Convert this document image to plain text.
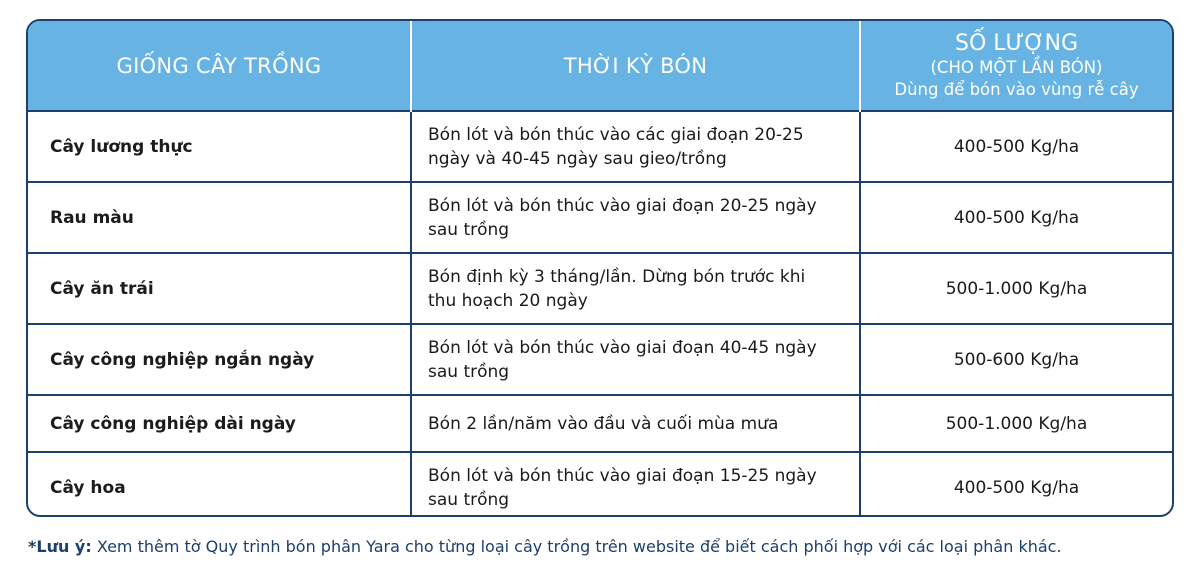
GIỐNG CÂY TRỒNG	THỜI KỲ BÓN	SỐ LƯỢNG
(CHO MỘT LẦN BÓN)
Dùng để bón vào vùng rễ cây

Cây lương thực	Bón lót và bón thúc vào các giai đoạn 20-25
ngày và 40-45 ngày sau gieo/trồng	400-500 Kg/ha
Rau màu	Bón lót và bón thúc vào giai đoạn 20-25 ngày
sau trồng	400-500 Kg/ha
Cây ăn trái	Bón định kỳ 3 tháng/lần. Dừng bón trước khi
thu hoạch 20 ngày	500-1.000 Kg/ha
Cây công nghiệp ngắn ngày	Bón lót và bón thúc vào giai đoạn 40-45 ngày
sau trồng	500-600 Kg/ha
Cây công nghiệp dài ngày	Bón 2 lần/năm vào đầu và cuối mùa mưa	500-1.000 Kg/ha
Cây hoa	Bón lót và bón thúc vào giai đoạn 15-25 ngày
sau trồng	400-500 Kg/ha
*Lưu ý: Xem thêm tờ Quy trình bón phân Yara cho từng loại cây trồng trên website để biết cách phối hợp với các loại phân khác.
